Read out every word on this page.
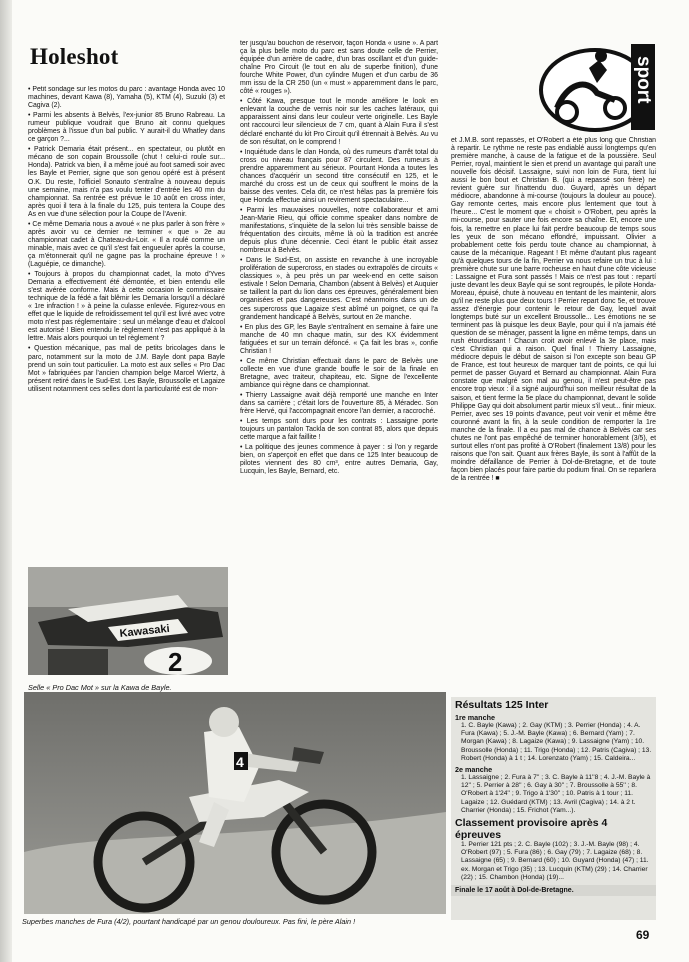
Holeshot	sport

• Petit sondage sur les motos du parc : avantage Honda avec 10 machines, devant Kawa (8), Yamaha (5), KTM (4), Suzuki (3) et Cagiva (2).

• Parmi les absents à Belvès, l'ex-junior 85 Bruno Rabreau. La rumeur publique voudrait que Bruno ait connu quelques problèmes à l'issue d'un bal public. Y aurait-il du Whatley dans ce garçon ?...

• Patrick Demaria était présent... en spectateur, ou plutôt en mécano de son copain Broussolle (chut ! celui-ci roule sur... Honda). Patrick va bien, il a même joué au foot samedi soir avec les Bayle et Perrier, signe que son genou opéré est à présent O.K. Du reste, l'officiel Sonauto s'entraîne à nouveau depuis une semaine, mais n'a pas voulu tenter d'entrée les 40 mn du championnat. Sa rentrée est prévue le 10 août en cross inter, après quoi il tera à la finale du 125, puis tentera la Coupe des As en vue d'une sélection pour la Coupe de l'Avenir.

• Ce même Demaria nous a avoué « ne plus parler à son frère » après avoir vu ce dernier ne terminer « que » 2e au championnat cadet à Chateau-du-Loir. « Il a roulé comme un minable, mais avec ce qu'il s'est fait engueuler après la course, ça m'étonnerait qu'il ne gagne pas la prochaine épreuve ! » (Laguépie, ce dimanche).

• Toujours à propos du championnat cadet, la moto d'Yves Demaria a effectivement été démontée, et bien entendu elle s'est avérée conforme. Mais à cette occasion le commissaire technique de la fédé a fait blêmir les Demaria lorsqu'il a déclaré « 1re infraction ! » à peine la culasse enlevée. Figurez-vous en effet que le liquide de refroidissement tel qu'il est livré avec votre moto n'est pas réglementaire : seul un mélange d'eau et d'alcool est autorisé ! Bien entendu le règlement n'est pas appliqué à la lettre. Mais alors pourquoi un tel règlement ?

• Question mécanique, pas mal de petits bricolages dans le parc, notamment sur la moto de J.M. Bayle dont papa Bayle prend un soin tout particulier. La moto est aux selles « Pro Dac Mot » fabriquées par l'ancien champion belge Marcel Wiertz, à présent retiré dans le Sud-Est. Les Bayle, Broussolle et Lagaize utilisent notamment ces selles dont la particularité est de mon-

Kawasaki
2
Selle « Pro Dac Mot » sur la Kawa de Bayle.

ter jusqu'au bouchon de réservoir, façon Honda « usine ». A part ça la plus belle moto du parc est sans doute celle de Perrier, équipée d'un arrière de cadre, d'un bras oscillant et d'un guide-chaîne Pro Circuit (le tout en alu de superbe finition), d'une fourche White Power, d'un cylindre Mugen et d'un carbu de 36 mm issu de la CR 250 (un « must » apparemment dans le parc, côté « rouges »).

• Côté Kawa, presque tout le monde améliore le look en enlevant la couche de vernis noir sur les caches latéraux, qui apparaissent ainsi dans leur couleur verte originelle. Les Bayle ont raccourci leur silencieux de 7 cm, quant à Alain Fura il s'est déclaré enchanté du kit Pro Circuit qu'il étrennait à Belvès. Au vu de son résultat, on le comprend !

• Inquiétude dans le clan Honda, où des rumeurs d'arrêt total du cross ou niveau français pour 87 circulent. Des rumeurs à prendre apparemment au sérieux. Pourtant Honda a toutes les chances d'acquérir un second titre consécutif en 125, et le marché du cross est un de ceux qui souffrent le moins de la baisse des ventes. Cela dit, ce n'est hélas pas la première fois que Honda effectue ainsi un revirement spectaculaire...

• Parmi les mauvaises nouvelles, notre collaborateur et ami Jean-Marie Rieu, qui officie comme speaker dans nombre de manifestations, s'inquiète de la selon lui très sensible baisse de fréquentation des circuits, même là où la tradition est ancrée depuis plus d'une décennie. Ceci étant le public était assez nombreux à Belvès.

• Dans le Sud-Est, on assiste en revanche à une incroyable prolifération de supercross, en stades ou extrapolés de circuits « classiques », à peu près un par week-end en cette saison estivale ! Selon Demaria, Chambon (absent à Belvès) et Auquier se taillent la part du lion dans ces épreuves, généralement bien organisées et pas dangereuses. C'est néanmoins dans un de ces supercross que Lagaize s'est abîmé un poignet, ce qui l'a grandement handicapé à Belvès, surtout en 2e manche.

• En plus des GP, les Bayle s'entraînent en semaine à faire une manche de 40 mn chaque matin, sur des KX évidemment fatiguées et sur un terrain défoncé. « Ça fait les bras », confie Christian !

• Ce même Christian effectuait dans le parc de Belvès une collecte en vue d'une grande bouffe le soir de la finale en Bretagne, avec traiteur, chapiteau, etc. Signe de l'excellente ambiance qui règne dans ce championnat.

• Thierry Lassaigne avait déjà remporté une manche en Inter dans sa carrière ; c'était lors de l'ouverture 85, à Méradec. Son frère Hervé, qui l'accompagnait encore l'an dernier, a raccroché.

• Les temps sont durs pour les contrats : Lassaigne porte toujours un pantalon Tackla de son contrat 85, alors que depuis cette marque a fait faillite !

• La politique des jeunes commence à payer : si l'on y regarde bien, on s'aperçoit en effet que dans ce 125 Inter beaucoup de pilotes viennent des 80 cm³, entre autres Demaria, Gay, Lucquin, les Bayle, Bernard, etc.

et J.M.B. sont repassés, et O'Robert a été plus long que Christian à repartir. Le rythme ne reste pas endiablé aussi longtemps qu'en première manche, à cause de la fatigue et de la poussière. Seul Perrier, royal, maintient le sien et prend un avantage qui paraît une nouvelle fois décisif. Lassaigne, suivi non loin de Fura, tient lui aussi le bon bout et Christian B. (qui a repassé son frère) ne revient guère sur l'inattendu duo. Guyard, après un départ médiocre, abandonne à mi-course (toujours la douleur au pouce). Gay remonte certes, mais encore plus lentement que tout à l'heure... C'est le moment que « choisit » O'Robert, peu après la mi-course, pour sauter une fois encore sa chaîne. Et, encore une fois, la remettre en place lui fait perdre beaucoup de temps sous les yeux de son mécano effondré, impuissant. Olivier a probablement cette fois perdu toute chance au championnat, à cause de la mécanique. Rageant ! Et même d'autant plus rageant qu'à quelques tours de la fin, Perrier va nous refaire un truc à lui : première chute sur une barre rocheuse en haut d'une côte vicieuse : Lassaigne et Fura sont passés ! Mais ce n'est pas tout : repartí juste devant les deux Bayle qui se sont regroupés, le pilote Honda-Moreau, épuisé, chute à nouveau en tentant de les maintenir, alors qu'il ne reste plus que deux tours ! Perrier repart donc 5e, et trouve assez d'énergie pour contenir le retour de Gay, lequel avait longtemps buté sur un excellent Broussolle... Les émotions ne se terminent pas là puisque les deux Bayle, pour qui il n'a jamais été question de se ménager, passent la ligne en même temps, dans un rush étourdissant ! Chacun croit avoir enlevé la 3e place, mais c'est Christian qui a raison. Quel final ! Thierry Lassaigne, médiocre depuis le début de saison si l'on excepte son beau GP de France, est tout heureux de marquer tant de points, ce qui lui permet de passer Guyard et Bernard au championnat. Alain Fura constate que malgré son mal au genou, il n'est peut-être pas encore trop vieux : il a signé aujourd'hui son meilleur résultat de la saison, et tient ferme la 5e place du championnat, devant le solide Philippe Gay qui doit absolument partir mieux s'il veut... finir mieux. Perrier, avec ses 19 points d'avance, peut voir venir et même être couronné avant la fin, à la seule condition de remporter la 1re manche de la finale. Il a eu pas mal de chance à Belvès car ses chutes ne l'ont pas empêché de terminer honorablement (3/5), et surtout elles n'ont pas profité à O'Robert (finalement 13/8) pour les raisons que l'on sait. Quant aux frères Bayle, ils sont à l'affût de la moindre défaillance de Perrier à Dol-de-Bretagne, et de toute façon bien placés pour faire partie du podium final. On se reparlera de la rentrée ! ■

4
Superbes manches de Fura (4/2), pourtant handicapé par un genou douloureux. Pas fini, le père Alain !
Résultats 125 Inter
1re manche
1. C. Bayle (Kawa) ; 2. Gay (KTM) ; 3. Perrier (Honda) ; 4. A. Fura (Kawa) ; 5. J.-M. Bayle (Kawa) ; 6. Bernard (Yam) ; 7. Morgan (Kawa) ; 8. Lagaize (Kawa) ; 9. Lassaigne (Yam) ; 10. Broussolle (Honda) ; 11. Trigo (Honda) ; 12. Patris (Cagiva) ; 13. Robert (Honda) à 1 t ; 14. Lorenzato (Yam) ; 15. Caldeira...
2e manche
1. Lassaigne ; 2. Fura à 7'' ; 3. C. Bayle à 11''8 ; 4. J.-M. Bayle à 12'' ; 5. Perrier à 28'' ; 6. Gay à 30'' ; 7. Broussolle à 55'' ; 8. O'Robert à 1'24'' ; 9. Trigo à 1'30'' ; 10. Patris à 1 tour ; 11. Lagaize ; 12. Guédard (KTM) ; 13. Avril (Cagiva) ; 14. à 2 t. Charrier (Honda) ; 15. Frichot (Yam...).
Classement provisoire après 4 épreuves
1. Perrier 121 pts ; 2. C. Bayle (102) ; 3. J.-M. Bayle (98) ; 4. O'Robert (97) ; 5. Fura (86) ; 6. Gay (79) ; 7. Lagaize (68) ; 8. Lassaigne (65) ; 9. Bernard (60) ; 10. Guyard (Honda) (47) ; 11. ex. Morgan et Trigo (35) ; 13. Lucquin (KTM) (29) ; 14. Charrier (22) ; 15. Chambon (Honda) (19)...
Finale le 17 août à Dol-de-Bretagne.
69
